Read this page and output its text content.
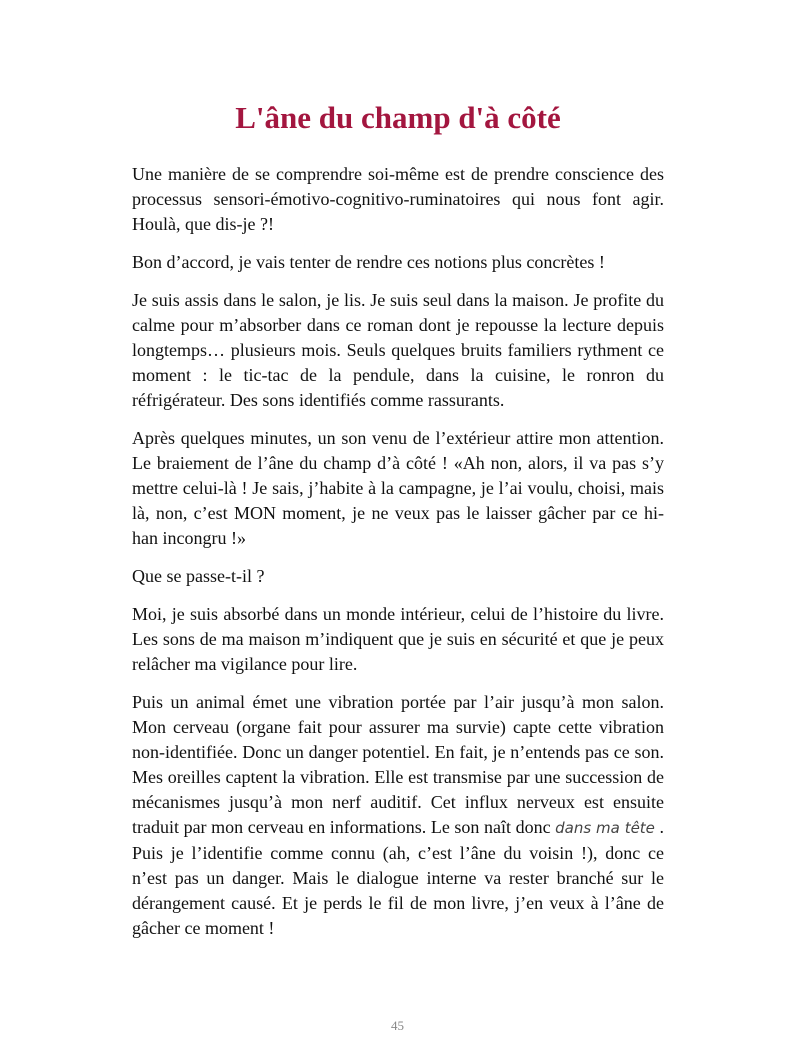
L'âne du champ d'à côté

Une manière de se comprendre soi-même est de prendre conscience des processus sensori-émotivo-cognitivo-ruminatoires qui nous font agir. Houlà, que dis-je ?!

Bon d’accord, je vais tenter de rendre ces notions plus concrètes !

Je suis assis dans le salon, je lis. Je suis seul dans la maison. Je profite du calme pour m’absorber dans ce roman dont je repousse la lecture depuis longtemps… plusieurs mois. Seuls quelques bruits familiers rythment ce moment : le tic-tac de la pendule, dans la cuisine, le ronron du réfrigérateur. Des sons identifiés comme rassurants.

Après quelques minutes, un son venu de l’extérieur attire mon attention. Le braiement de l’âne du champ d’à côté ! «Ah non, alors, il va pas s’y mettre celui-là ! Je sais, j’habite à la campagne, je l’ai voulu, choisi, mais là, non, c’est MON moment, je ne veux pas le laisser gâcher par ce hi-han incongru !»

Que se passe-t-il ?

Moi, je suis absorbé dans un monde intérieur, celui de l’histoire du livre. Les sons de ma maison m’indiquent que je suis en sécurité et que je peux relâcher ma vigilance pour lire.

Puis un animal émet une vibration portée par l’air jusqu’à mon salon. Mon cerveau (organe fait pour assurer ma survie) capte cette vibration non-identifiée. Donc un danger potentiel. En fait, je n’entends pas ce son. Mes oreilles captent la vibration. Elle est transmise par une succession de mécanismes jusqu’à mon nerf auditif. Cet influx nerveux est ensuite traduit par mon cerveau en informations. Le son naît donc dans ma tête . Puis je l’identifie comme connu (ah, c’est l’âne du voisin !), donc ce n’est pas un danger. Mais le dialogue interne va rester branché sur le dérangement causé. Et je perds le fil de mon livre, j’en veux à l’âne de gâcher ce moment !

45
